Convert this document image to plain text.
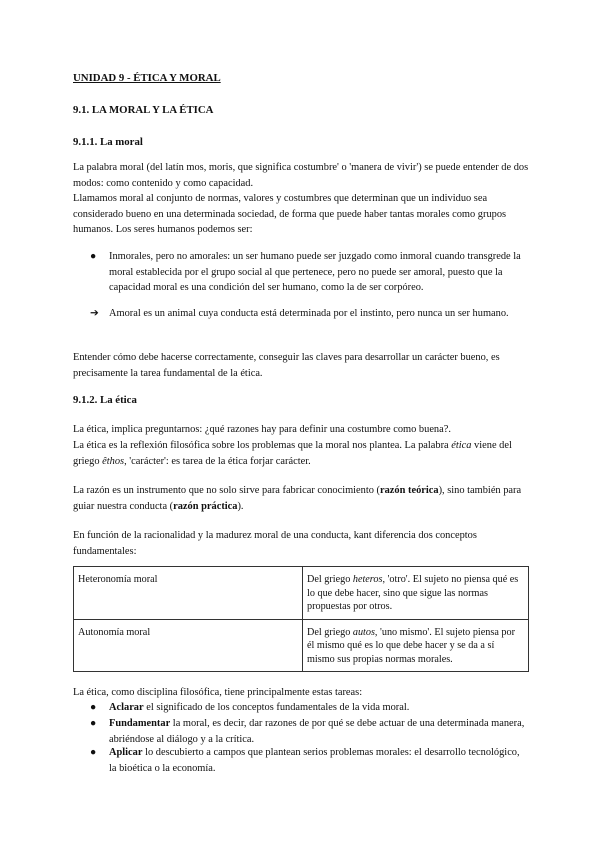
UNIDAD 9 - ÉTICA Y MORAL
9.1. LA MORAL Y LA ÉTICA
9.1.1. La moral
La palabra moral (del latín mos, moris, que significa costumbre' o 'manera de vivir') se puede entender de dos modos: como contenido y como capacidad.
Llamamos moral al conjunto de normas, valores y costumbres que determinan que un individuo sea considerado bueno en una determinada sociedad, de forma que puede haber tantas morales como grupos humanos. Los seres humanos podemos ser:
●	Inmorales, pero no amorales: un ser humano puede ser juzgado como inmoral cuando transgrede la moral establecida por el grupo social al que pertenece, pero no puede ser amoral, puesto que la capacidad moral es una condición del ser humano, como la de ser corpóreo.
➔ Amoral es un animal cuya conducta está determinada por el instinto, pero nunca un ser humano.
Entender cómo debe hacerse correctamente, conseguir las claves para desarrollar un carácter bueno, es precisamente la tarea fundamental de la ética.
9.1.2. La ética
La ética, implica preguntarnos: ¿qué razones hay para definir una costumbre como buena?.
La ética es la reflexión filosófica sobre los problemas que la moral nos plantea. La palabra ética viene del griego êthos, 'carácter': es tarea de la ética forjar carácter.
La razón es un instrumento que no solo sirve para fabricar conocimiento (razón teórica), sino también para guiar nuestra conducta (razón práctica).
En función de la racionalidad y la madurez moral de una conducta, kant diferencia dos conceptos fundamentales:
Heteronomía moral	Del griego heteros, 'otro'. El sujeto no piensa qué es lo que debe hacer, sino que sigue las normas propuestas por otros.
Autonomía moral	Del griego autos, 'uno mismo'. El sujeto piensa por él mismo qué es lo que debe hacer y se da a sí mismo sus propias normas morales.
La ética, como disciplina filosófica, tiene principalmente estas tareas:
●	Aclarar el significado de los conceptos fundamentales de la vida moral.
●	Fundamentar la moral, es decir, dar razones de por qué se debe actuar de una determinada manera, abriéndose al diálogo y a la crítica.
●	Aplicar lo descubierto a campos que plantean serios problemas morales: el desarrollo tecnológico, la bioética o la economía.
